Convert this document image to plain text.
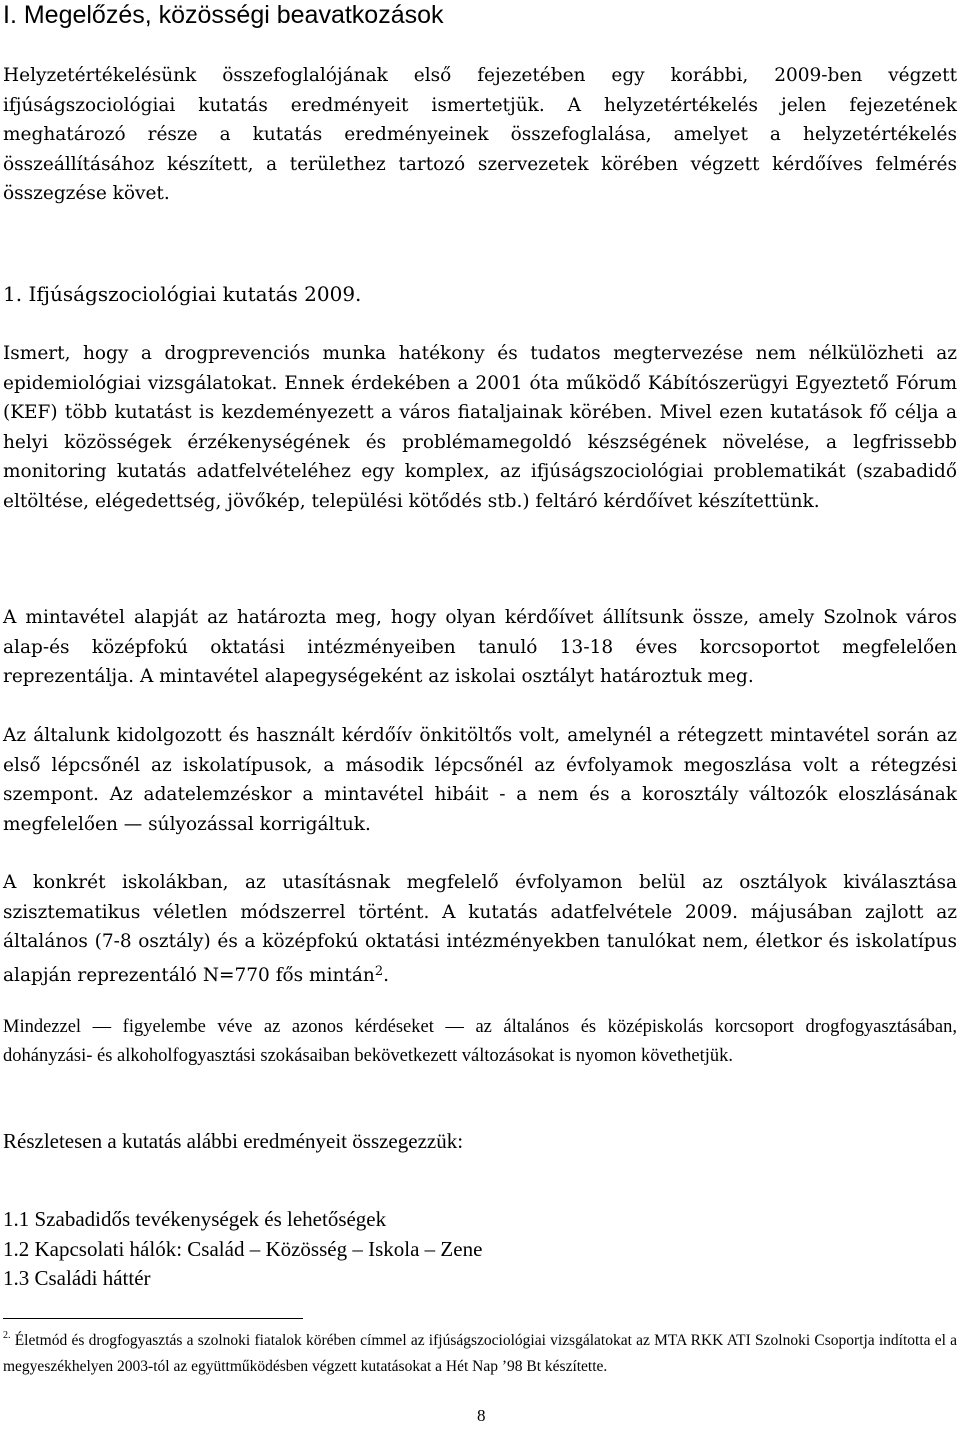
I. Megelőzés, közösségi beavatkozások

Helyzetértékelésünk összefoglalójának első fejezetében egy korábbi, 2009-ben végzett ifjúságszociológiai kutatás eredményeit ismertetjük. A helyzetértékelés jelen fejezetének meghatározó része a kutatás eredményeinek összefoglalása, amelyet a helyzetértékelés összeállításához készített, a területhez tartozó szervezetek körében végzett kérdőíves felmérés összegzése követ.

1. Ifjúságszociológiai kutatás 2009.

Ismert, hogy a drogprevenciós munka hatékony és tudatos megtervezése nem nélkülözheti az epidemiológiai vizsgálatokat. Ennek érdekében a 2001 óta működő Kábítószerügyi Egyeztető Fórum (KEF) több kutatást is kezdeményezett a város fiataljainak körében. Mivel ezen kutatások fő célja a helyi közösségek érzékenységének és problémamegoldó készségének növelése, a legfrissebb monitoring kutatás adatfelvételéhez egy komplex, az ifjúságszociológiai problematikát (szabadidő eltöltése, elégedettség, jövőkép, települési kötődés stb.) feltáró kérdőívet készítettünk.

A mintavétel alapját az határozta meg, hogy olyan kérdőívet állítsunk össze, amely Szolnok város alap-és középfokú oktatási intézményeiben tanuló 13-18 éves korcsoportot megfelelően reprezentálja. A mintavétel alapegységeként az iskolai osztályt határoztuk meg.

Az általunk kidolgozott és használt kérdőív önkitöltős volt, amelynél a rétegzett mintavétel során az első lépcsőnél az iskolatípusok, a második lépcsőnél az évfolyamok megoszlása volt a rétegzési szempont. Az adatelemzéskor a mintavétel hibáit - a nem és a korosztály változók eloszlásának megfelelően — súlyozással korrigáltuk.

A konkrét iskolákban, az utasításnak megfelelő évfolyamon belül az osztályok kiválasztása szisztematikus véletlen módszerrel történt. A kutatás adatfelvétele 2009. májusában zajlott az általános (7-8 osztály) és a középfokú oktatási intézményekben tanulókat nem, életkor és iskolatípus alapján reprezentáló N=770 fős mintán$^2$.

Mindezzel — figyelembe véve az azonos kérdéseket — az általános és középiskolás korcsoport drogfogyasztásában, dohányzási- és alkoholfogyasztási szokásaiban bekövetkezett változásokat is nyomon követhetjük.

Részletesen a kutatás alábbi eredményeit összegezzük:

1.1 Szabadidős tevékenységek és lehetőségek
1.2 Kapcsolati hálók: Család – Közösség – Iskola – Zene
1.3 Családi háttér

$^{2.}$ Életmód és drogfogyasztás a szolnoki fiatalok körében címmel az ifjúságszociológiai vizsgálatokat az MTA RKK ATI Szolnoki Csoportja indította el a megyeszékhelyen 2003-tól az együttműködésben végzett kutatásokat a Hét Nap ’98 Bt készítette.

8
